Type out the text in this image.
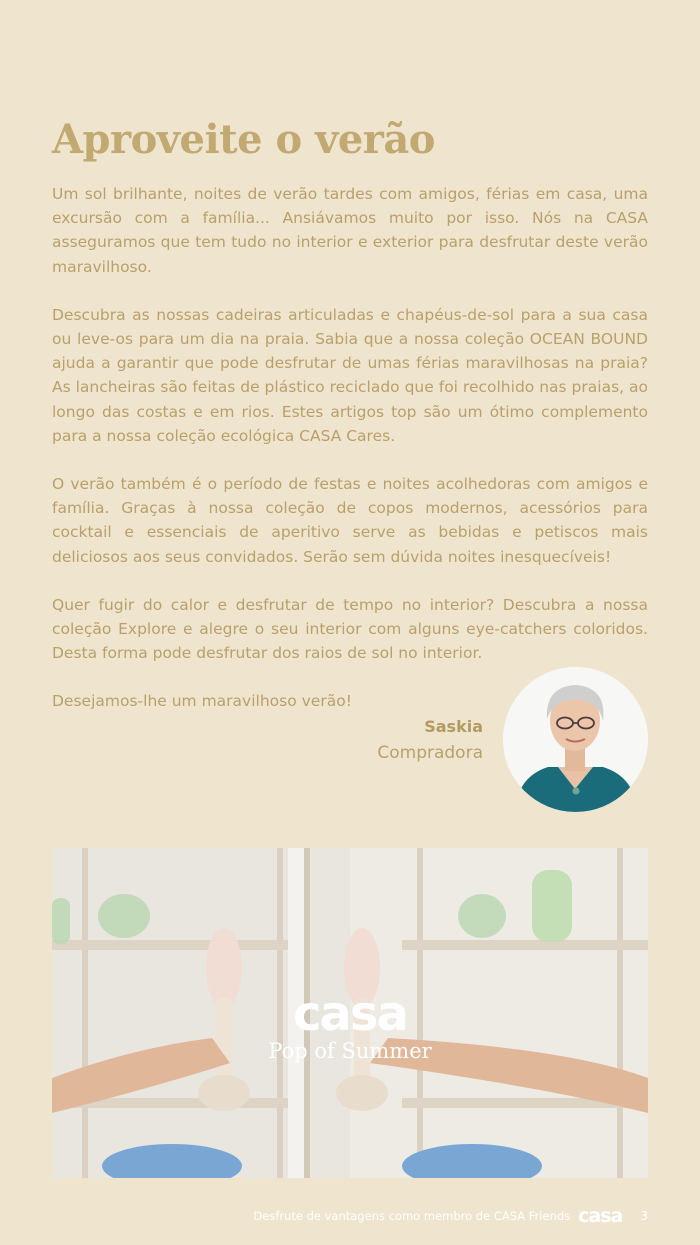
Aproveite o verão

Um sol brilhante, noites de verão tardes com amigos, férias em casa, uma excursão com a família... Ansiávamos muito por isso. Nós na CASA asseguramos que tem tudo no interior e exterior para desfrutar deste verão maravilhoso.

Descubra as nossas cadeiras articuladas e chapéus-de-sol para a sua casa ou leve-os para um dia na praia. Sabia que a nossa coleção OCEAN BOUND ajuda a garantir que pode desfrutar de umas férias maravilhosas na praia? As lancheiras são feitas de plástico reciclado que foi recolhido nas praias, ao longo das costas e em rios. Estes artigos top são um ótimo complemento para a nossa coleção ecológica CASA Cares.

O verão também é o período de festas e noites acolhedoras com amigos e família. Graças à nossa coleção de copos modernos, acessórios para cocktail e essenciais de aperitivo serve as bebidas e petiscos mais deliciosos aos seus convidados. Serão sem dúvida noites inesquecíveis!

Quer fugir do calor e desfrutar de tempo no interior? Descubra a nossa coleção Explore e alegre o seu interior com alguns eye-catchers coloridos. Desta forma pode desfrutar dos raios de sol no interior.

Desejamos-lhe um maravilhoso verão!

Saskia
Compradora
casa
Pop of Summer
Desfrute de vantagens como membro de CASA Friends casa 3
